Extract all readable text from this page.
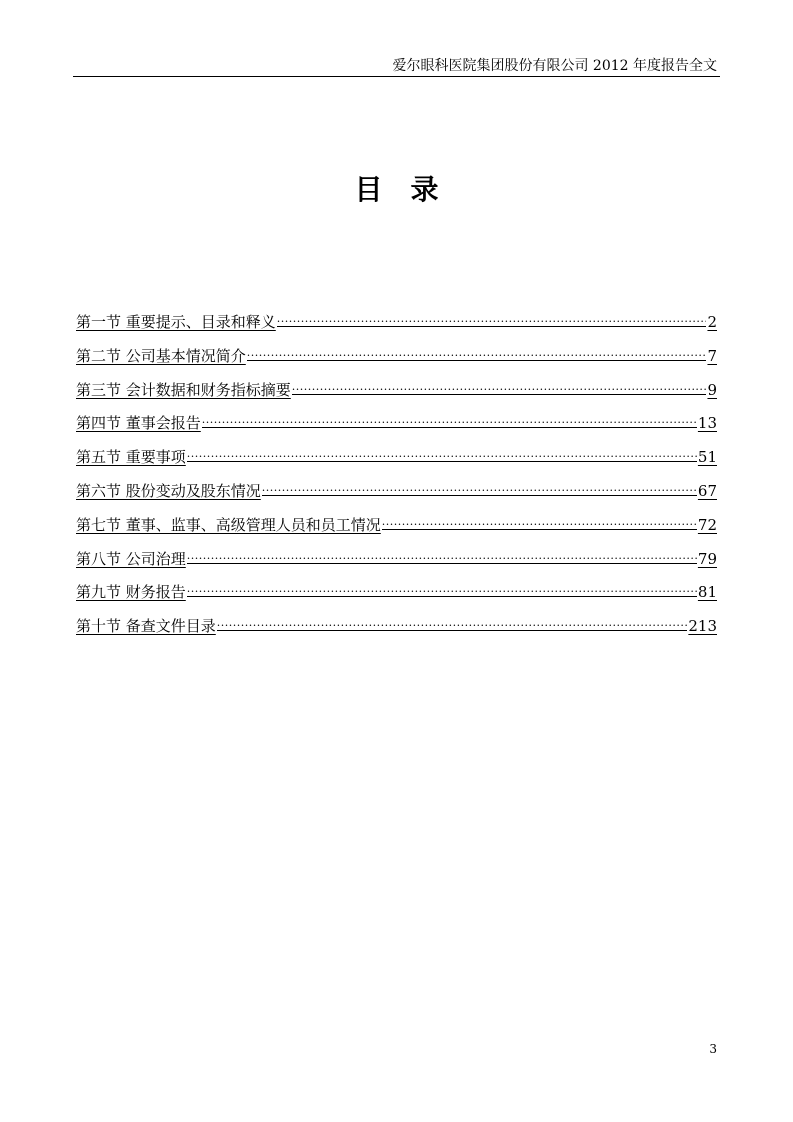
爱尔眼科医院集团股份有限公司 2012 年度报告全文
目录
第一节 重要提示、目录和释义 .....	2
第二节 公司基本情况简介 .....	7
第三节 会计数据和财务指标摘要 .....	9
第四节 董事会报告 .....	13
第五节 重要事项 .....	51
第六节 股份变动及股东情况 .....	67
第七节 董事、监事、高级管理人员和员工情况 .....	72
第八节 公司治理 .....	79
第九节 财务报告 .....	81
第十节 备查文件目录 .....	213
3
